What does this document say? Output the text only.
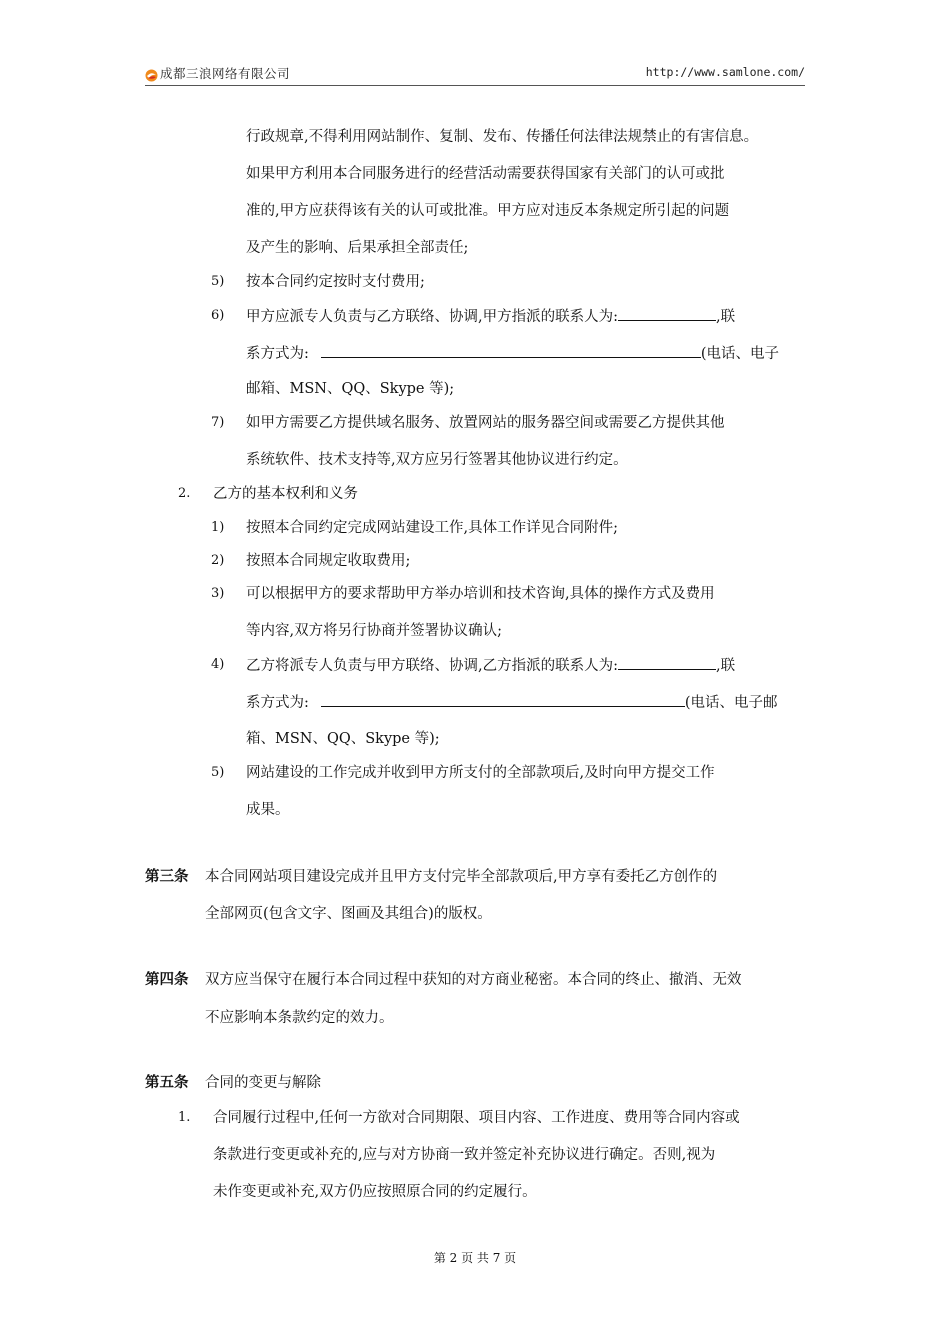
成都三浪网络有限公司	http://www.samlone.com/
行政规章,不得利用网站制作、复制、发布、传播任何法律法规禁止的有害信息。
如果甲方利用本合同服务进行的经营活动需要获得国家有关部门的认可或批
准的,甲方应获得该有关的认可或批准。甲方应对违反本条规定所引起的问题
及产生的影响、后果承担全部责任;
5) 按本合同约定按时支付费用;
6) 甲方应派专人负责与乙方联络、协调,甲方指派的联系人为:	,联
系方式为:	(电话、电子
邮箱、MSN、QQ、Skype 等);
7) 如甲方需要乙方提供域名服务、放置网站的服务器空间或需要乙方提供其他
系统软件、技术支持等,双方应另行签署其他协议进行约定。
2. 乙方的基本权利和义务
1) 按照本合同约定完成网站建设工作,具体工作详见合同附件;
2) 按照本合同规定收取费用;
3) 可以根据甲方的要求帮助甲方举办培训和技术咨询,具体的操作方式及费用
等内容,双方将另行协商并签署协议确认;
4) 乙方将派专人负责与甲方联络、协调,乙方指派的联系人为:	,联
系方式为:	(电话、电子邮
箱、MSN、QQ、Skype 等);
5) 网站建设的工作完成并收到甲方所支付的全部款项后,及时向甲方提交工作
成果。
第三条 本合同网站项目建设完成并且甲方支付完毕全部款项后,甲方享有委托乙方创作的
全部网页(包含文字、图画及其组合)的版权。
第四条 双方应当保守在履行本合同过程中获知的对方商业秘密。本合同的终止、撤消、无效
不应影响本条款约定的效力。
第五条 合同的变更与解除
1. 合同履行过程中,任何一方欲对合同期限、项目内容、工作进度、费用等合同内容或
条款进行变更或补充的,应与对方协商一致并签定补充协议进行确定。否则,视为
未作变更或补充,双方仍应按照原合同的约定履行。
第 2 页 共 7 页
